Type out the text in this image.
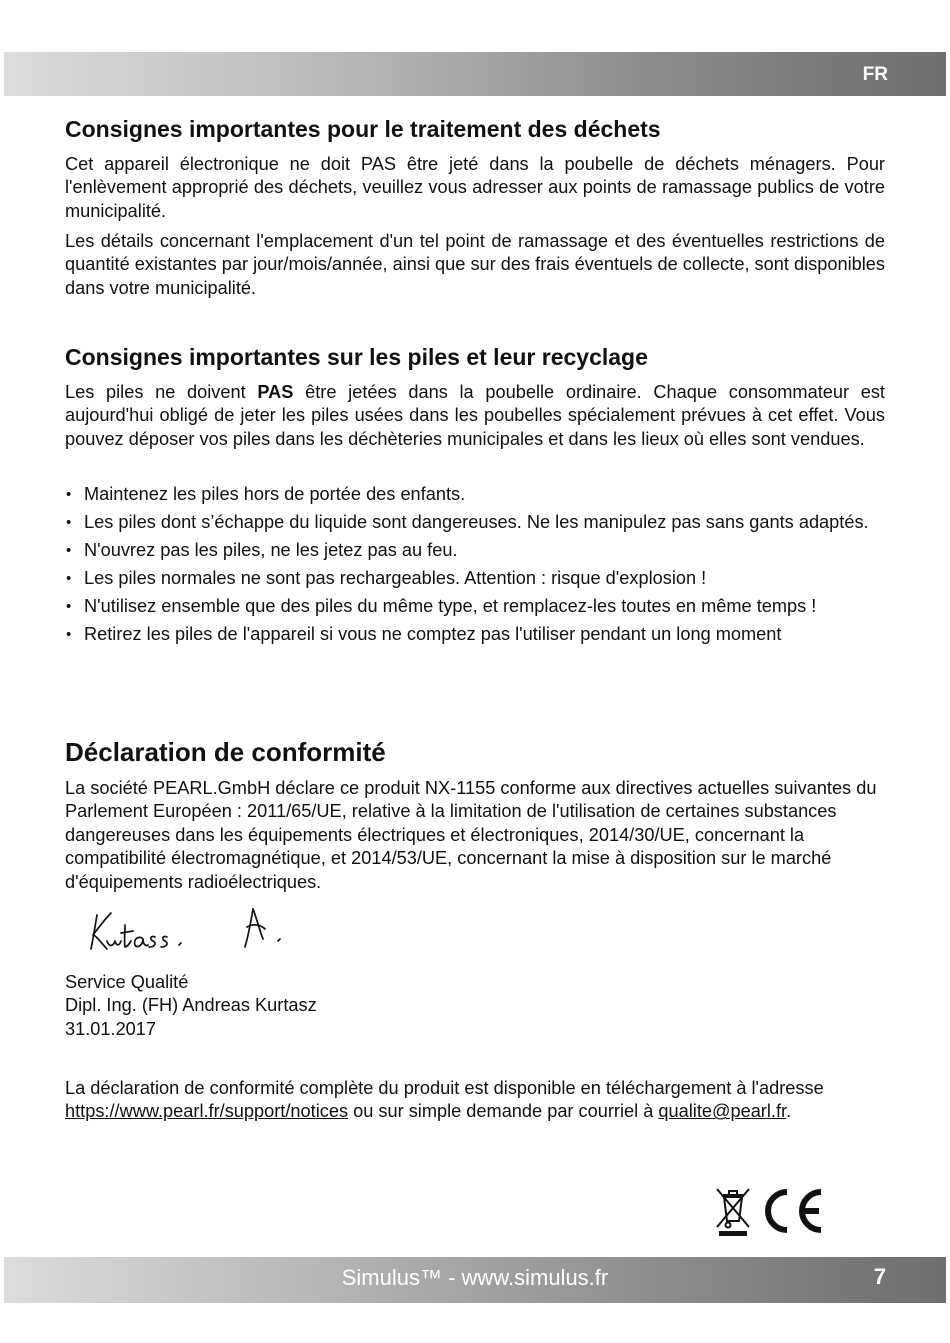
FR
Consignes importantes pour le traitement des déchets

Cet appareil électronique ne doit PAS être jeté dans la poubelle de déchets ménagers. Pour l'enlèvement approprié des déchets, veuillez vous adresser aux points de ramassage publics de votre municipalité.

Les détails concernant l'emplacement d'un tel point de ramassage et des éventuelles restrictions de quantité existantes par jour/mois/année, ainsi que sur des frais éventuels de collecte, sont disponibles dans votre municipalité.

Consignes importantes sur les piles et leur recyclage

Les piles ne doivent PAS être jetées dans la poubelle ordinaire. Chaque consommateur est aujourd'hui obligé de jeter les piles usées dans les poubelles spécialement prévues à cet effet. Vous pouvez déposer vos piles dans les déchèteries municipales et dans les lieux où elles sont vendues.

• Maintenez les piles hors de portée des enfants.
• Les piles dont s’échappe du liquide sont dangereuses. Ne les manipulez pas sans gants adaptés.
• N'ouvrez pas les piles, ne les jetez pas au feu.
• Les piles normales ne sont pas rechargeables. Attention : risque d'explosion !
• N'utilisez ensemble que des piles du même type, et remplacez-les toutes en même temps !
• Retirez les piles de l'appareil si vous ne comptez pas l'utiliser pendant un long moment
Déclaration de conformité

La société PEARL.GmbH déclare ce produit NX-1155 conforme aux directives actuelles suivantes du Parlement Européen : 2011/65/UE, relative à la limitation de l'utilisation de certaines substances dangereuses dans les équipements électriques et électroniques, 2014/30/UE, concernant la compatibilité électromagnétique, et 2014/53/UE, concernant la mise à disposition sur le marché d'équipements radioélectriques.

La déclaration de conformité complète du produit est disponible en téléchargement à l'adresse https://www.pearl.fr/support/notices ou sur simple demande par courriel à qualite@pearl.fr.

Service Qualité
Dipl. Ing. (FH) Andreas Kurtasz
31.01.2017
Simulus™ - www.simulus.fr	7
